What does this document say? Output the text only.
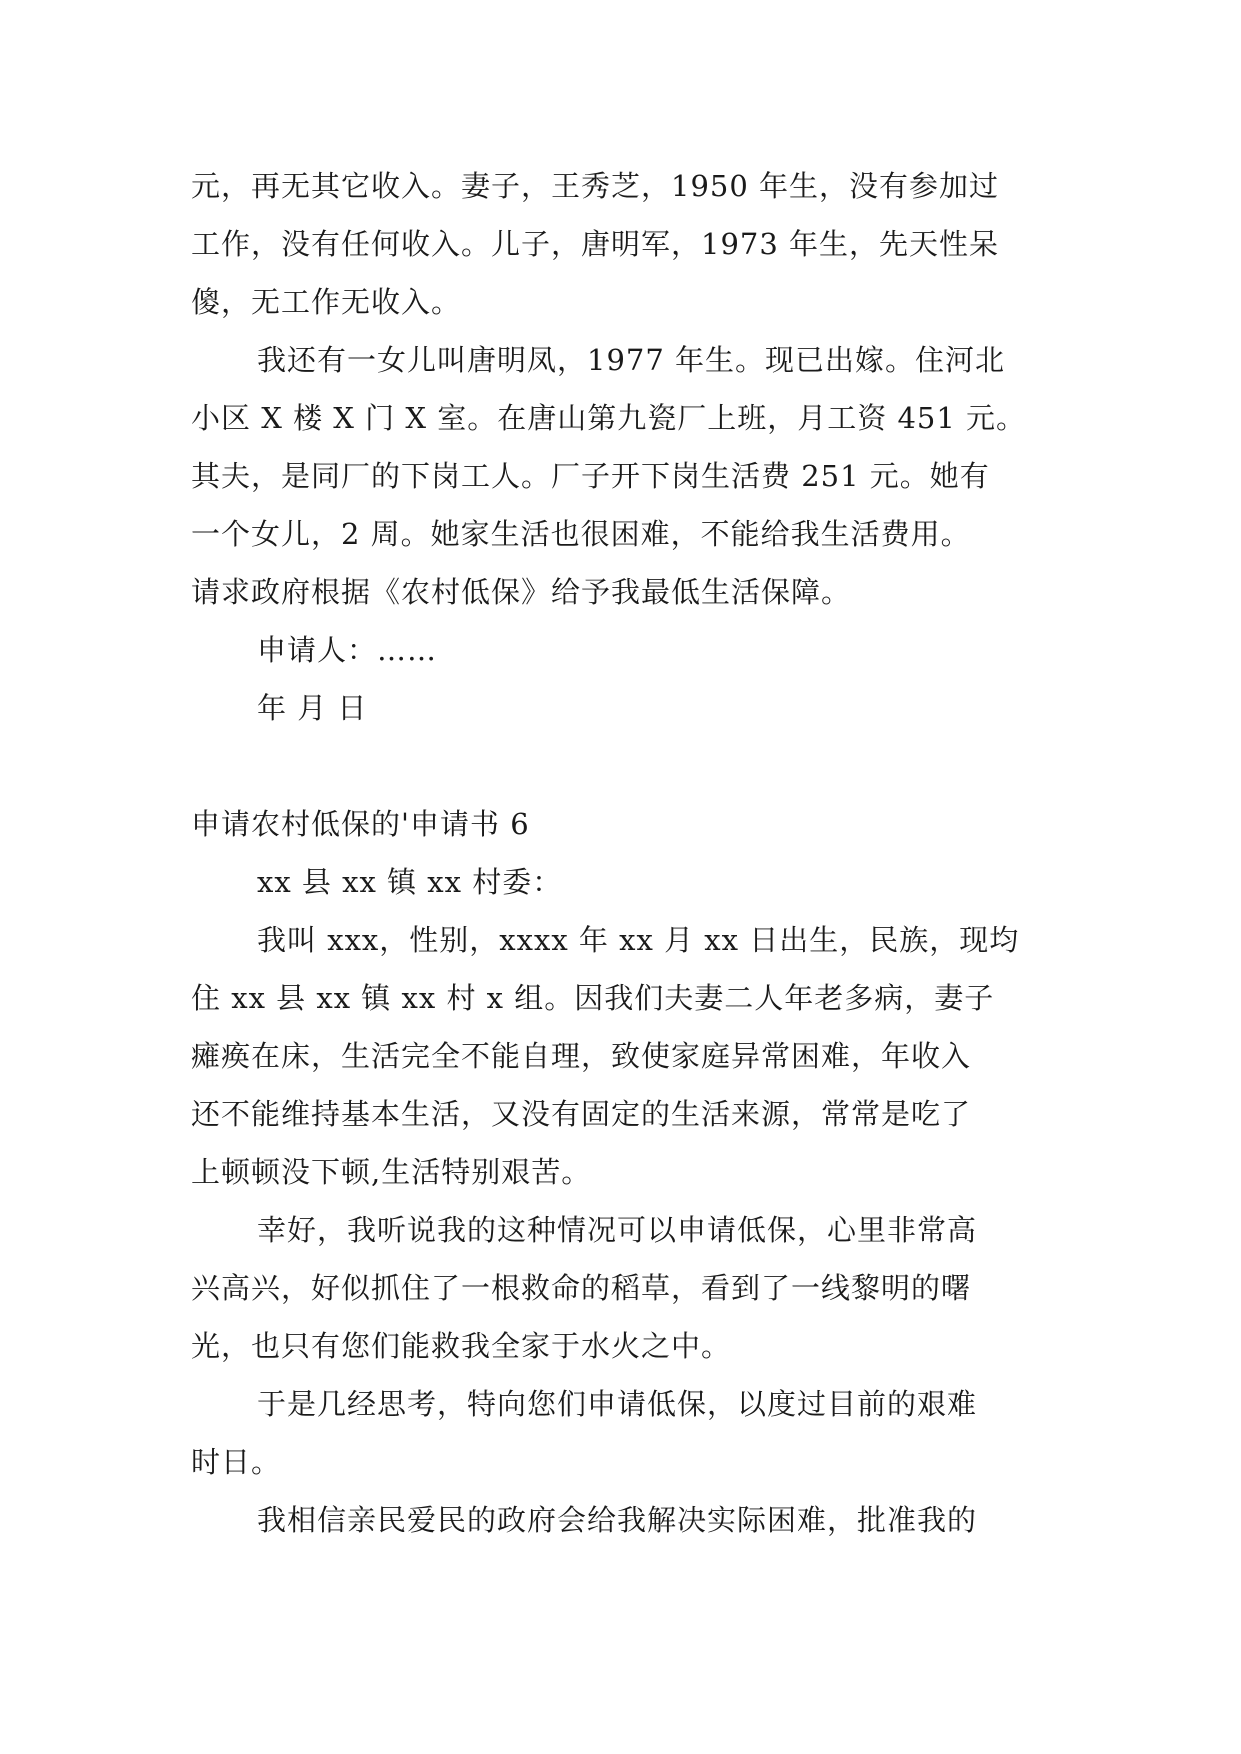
元，再无其它收入。妻子，王秀芝，1950 年生，没有参加过
工作，没有任何收入。儿子，唐明军，1973 年生，先天性呆
傻，无工作无收入。
我还有一女儿叫唐明凤，1977 年生。现已出嫁。住河北
小区 X 楼 X 门 X 室。在唐山第九瓷厂上班，月工资 451 元。
其夫，是同厂的下岗工人。厂子开下岗生活费 251 元。她有
一个女儿，2 周。她家生活也很困难，不能给我生活费用。
请求政府根据《农村低保》给予我最低生活保障。
申请人：……
年 月 日
申请农村低保的'申请书 6
xx 县 xx 镇 xx 村委：
我叫 xxx，性别，xxxx 年 xx 月 xx 日出生，民族，现均
住 xx 县 xx 镇 xx 村 x 组。因我们夫妻二人年老多病，妻子
瘫痪在床，生活完全不能自理，致使家庭异常困难，年收入
还不能维持基本生活，又没有固定的生活来源，常常是吃了
上顿顿没下顿,生活特别艰苦。
幸好，我听说我的这种情况可以申请低保，心里非常高
兴高兴，好似抓住了一根救命的稻草，看到了一线黎明的曙
光，也只有您们能救我全家于水火之中。
于是几经思考，特向您们申请低保，以度过目前的艰难
时日。
我相信亲民爱民的政府会给我解决实际困难，批准我的
